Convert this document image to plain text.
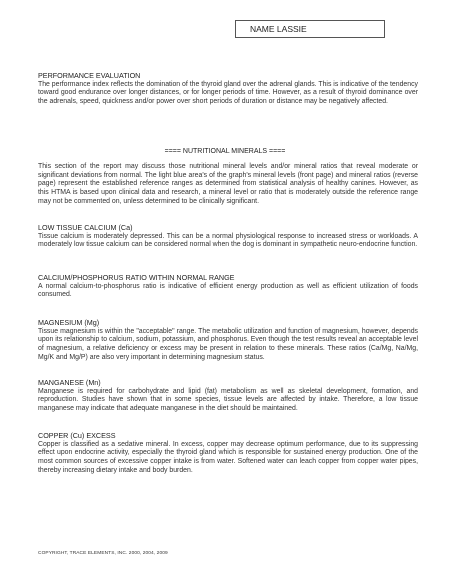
NAME LASSIE

PERFORMANCE EVALUATION

The performance index reflects the domination of the thyroid gland over the adrenal glands. This is indicative of the tendency toward good endurance over longer distances, or for longer periods of time. However, as a result of thyroid dominance over the adrenals, speed, quickness and/or power over short periods of duration or distance may be negatively affected.

==== NUTRITIONAL MINERALS ====

This section of the report may discuss those nutritional mineral levels and/or mineral ratios that reveal moderate or significant deviations from normal. The light blue area's of the graph's mineral levels (front page) and mineral ratios (reverse page) represent the established reference ranges as determined from statistical analysis of healthy canines. However, as this HTMA is based upon clinical data and research, a mineral level or ratio that is moderately outside the reference range may not be commented on, unless determined to be clinically significant.

LOW TISSUE CALCIUM (Ca)

Tissue calcium is moderately depressed. This can be a normal physiological response to increased stress or workloads. A moderately low tissue calcium can be considered normal when the dog is dominant in sympathetic neuro-endocrine function.

CALCIUM/PHOSPHORUS RATIO WITHIN NORMAL RANGE

A normal calcium-to-phosphorus ratio is indicative of efficient energy production as well as efficient utilization of foods consumed.

MAGNESIUM (Mg)

Tissue magnesium is within the "acceptable" range. The metabolic utilization and function of magnesium, however, depends upon its relationship to calcium, sodium, potassium, and phosphorus. Even though the test results reveal an acceptable level of magnesium, a relative deficiency or excess may be present in relation to these minerals. These ratios (Ca/Mg, Na/Mg, Mg/K and Mg/P) are also very important in determining magnesium status.

MANGANESE (Mn)

Manganese is required for carbohydrate and lipid (fat) metabolism as well as skeletal development, formation, and reproduction. Studies have shown that in some species, tissue levels are affected by intake. Therefore, a low tissue manganese may indicate that adequate manganese in the diet should be maintained.

COPPER (Cu) EXCESS

Copper is classified as a sedative mineral. In excess, copper may decrease optimum performance, due to its suppressing effect upon endocrine activity, especially the thyroid gland which is responsible for sustained energy production. One of the most common sources of excessive copper intake is from water. Softened water can leach copper from copper water pipes, thereby increasing dietary intake and body burden.

COPYRIGHT, TRACE ELEMENTS, INC. 2000, 2004, 2009
